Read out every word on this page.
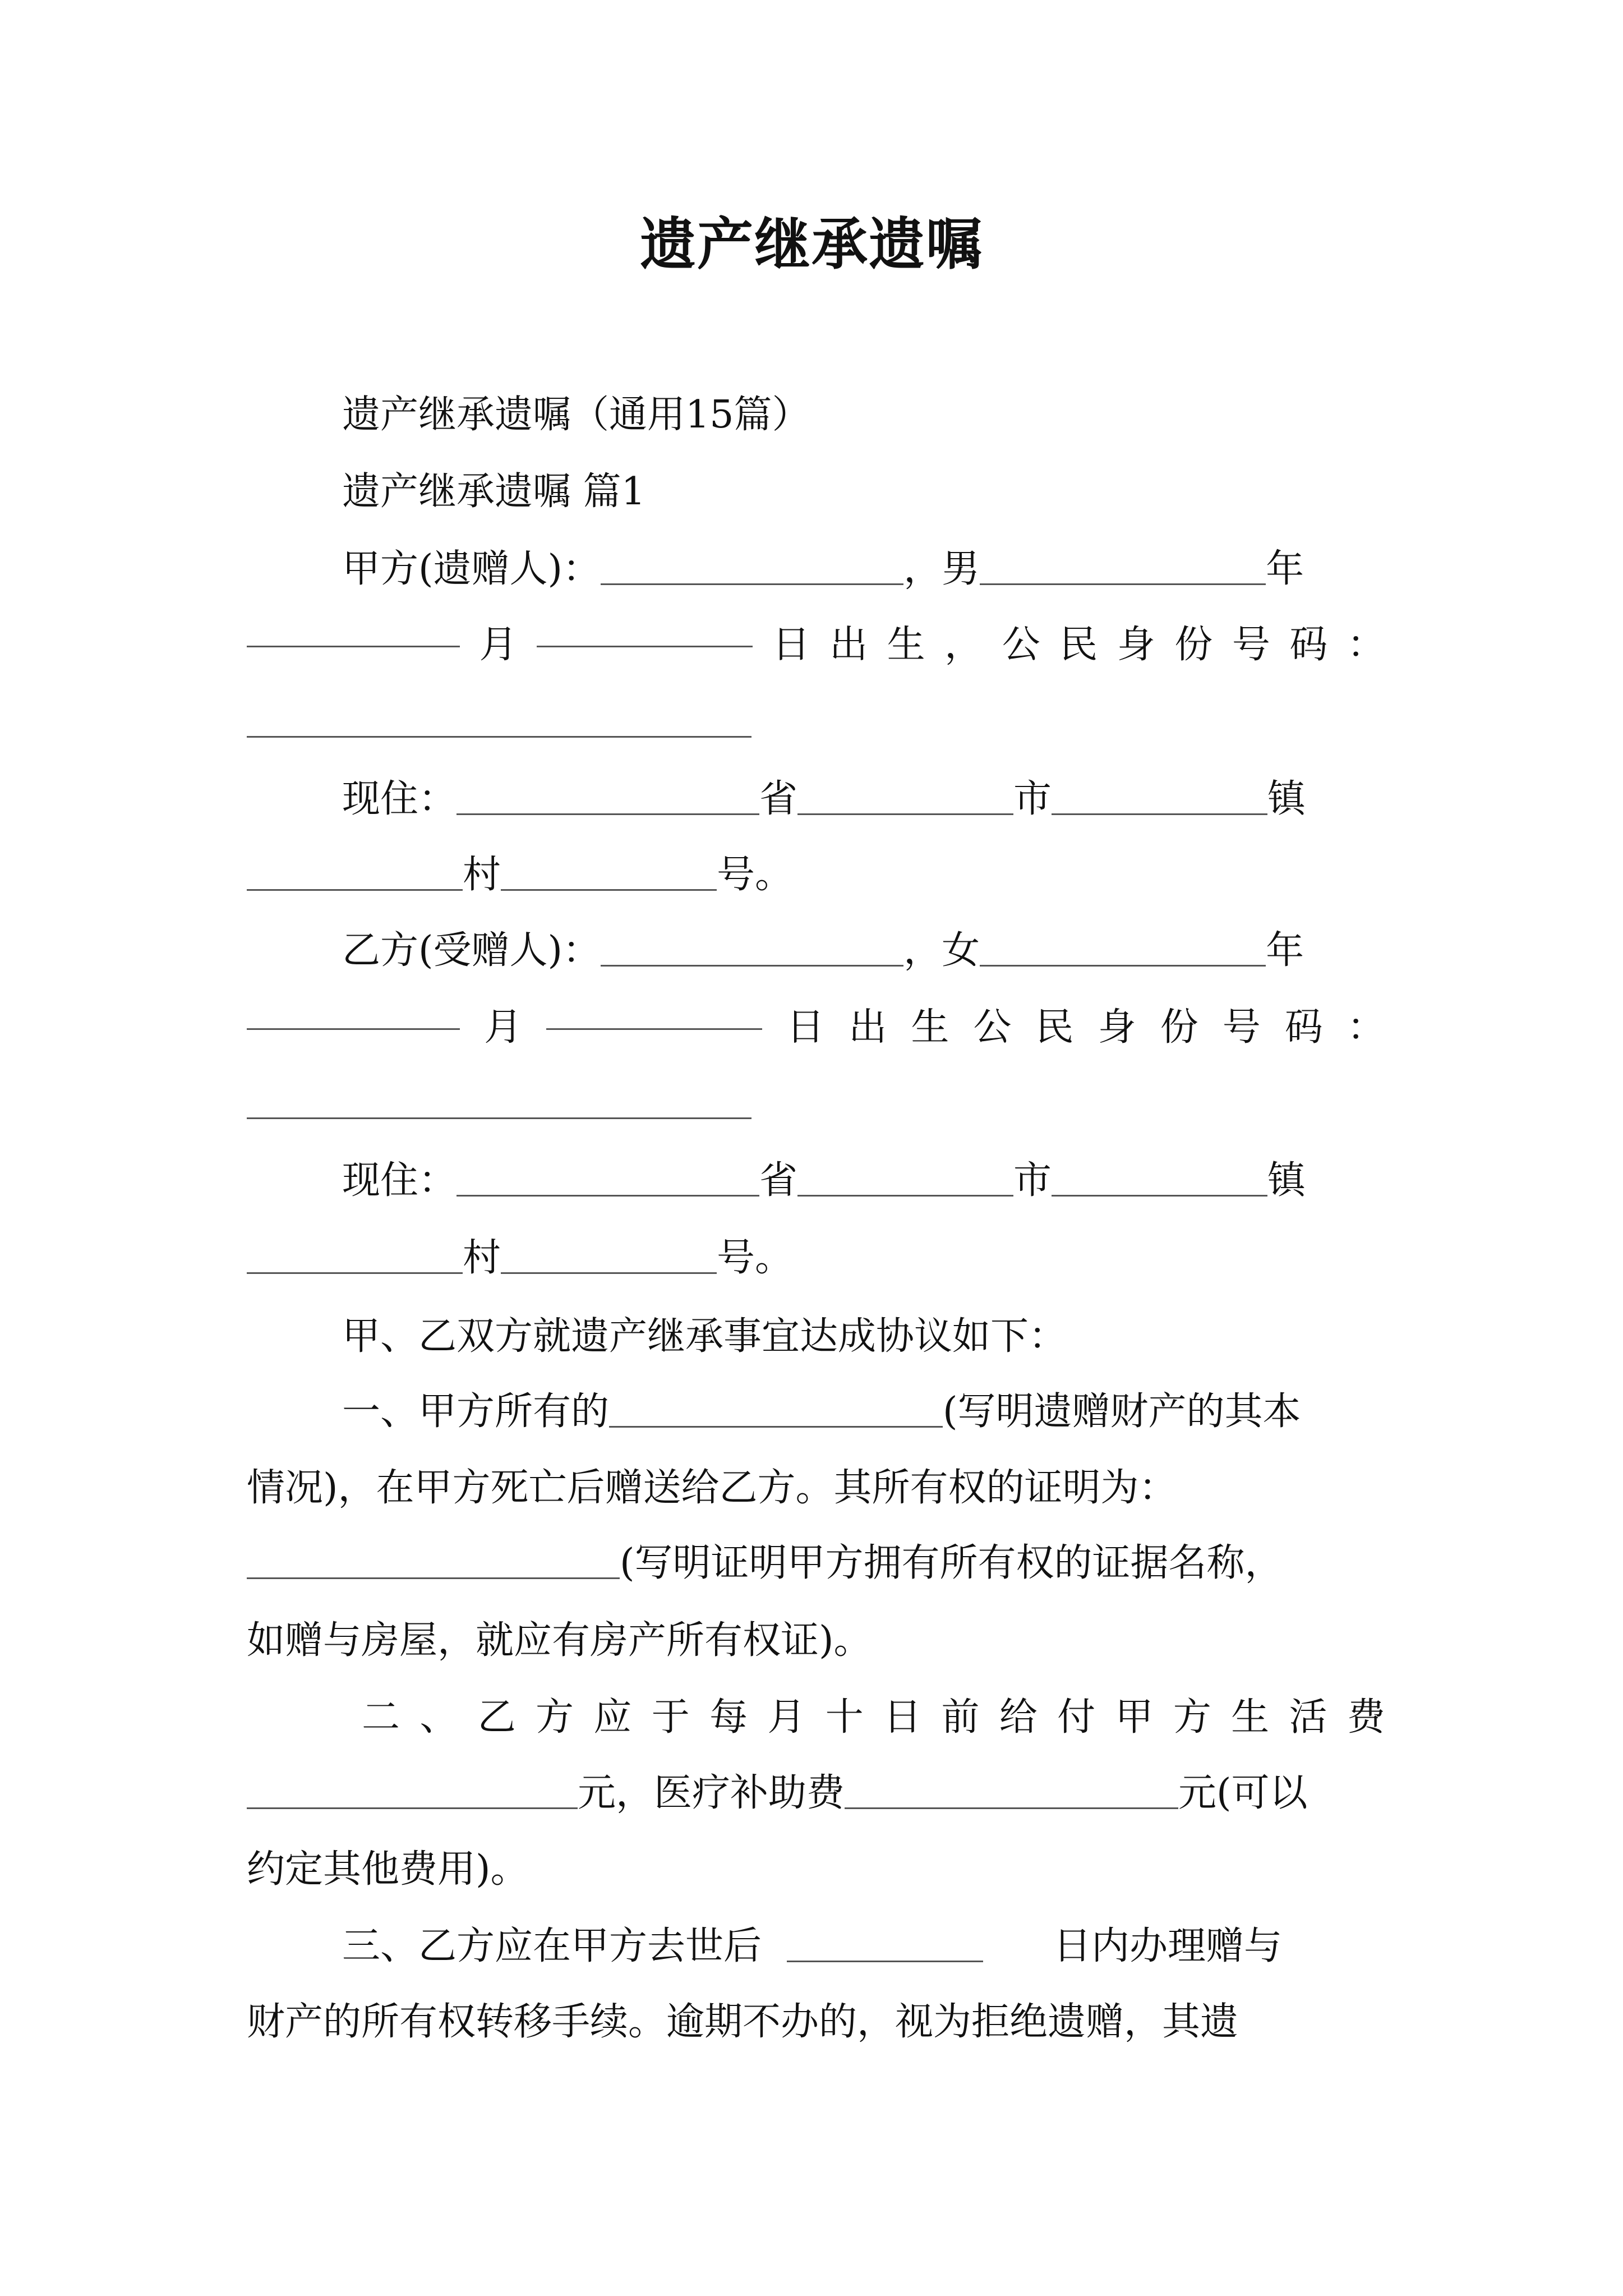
遗产继承遗嘱
遗产继承遗嘱（通用15篇）
遗产继承遗嘱 篇1
甲方(遗赠人)：	，男	年
月	日 出 生 ， 公 民 身 份 号 码 ：
现住：	省	市	镇
村	号。
乙方(受赠人)：	，女	年
月	日 出 生 公 民 身 份 号 码 ：
现住：	省	市	镇
村	号。
甲、乙双方就遗产继承事宜达成协议如下：
一、甲方所有的	(写明遗赠财产的其本
情况)，在甲方死亡后赠送给乙方。其所有权的证明为：
(写明证明甲方拥有所有权的证据名称，
如赠与房屋，就应有房产所有权证)。
二 、 乙 方 应 于 每 月 十 日 前 给 付 甲 方 生 活 费
元，医疗补助费	元(可以
约定其他费用)。
三、乙方应在甲方去世后	日内办理赠与
财产的所有权转移手续。逾期不办的，视为拒绝遗赠，其遗
